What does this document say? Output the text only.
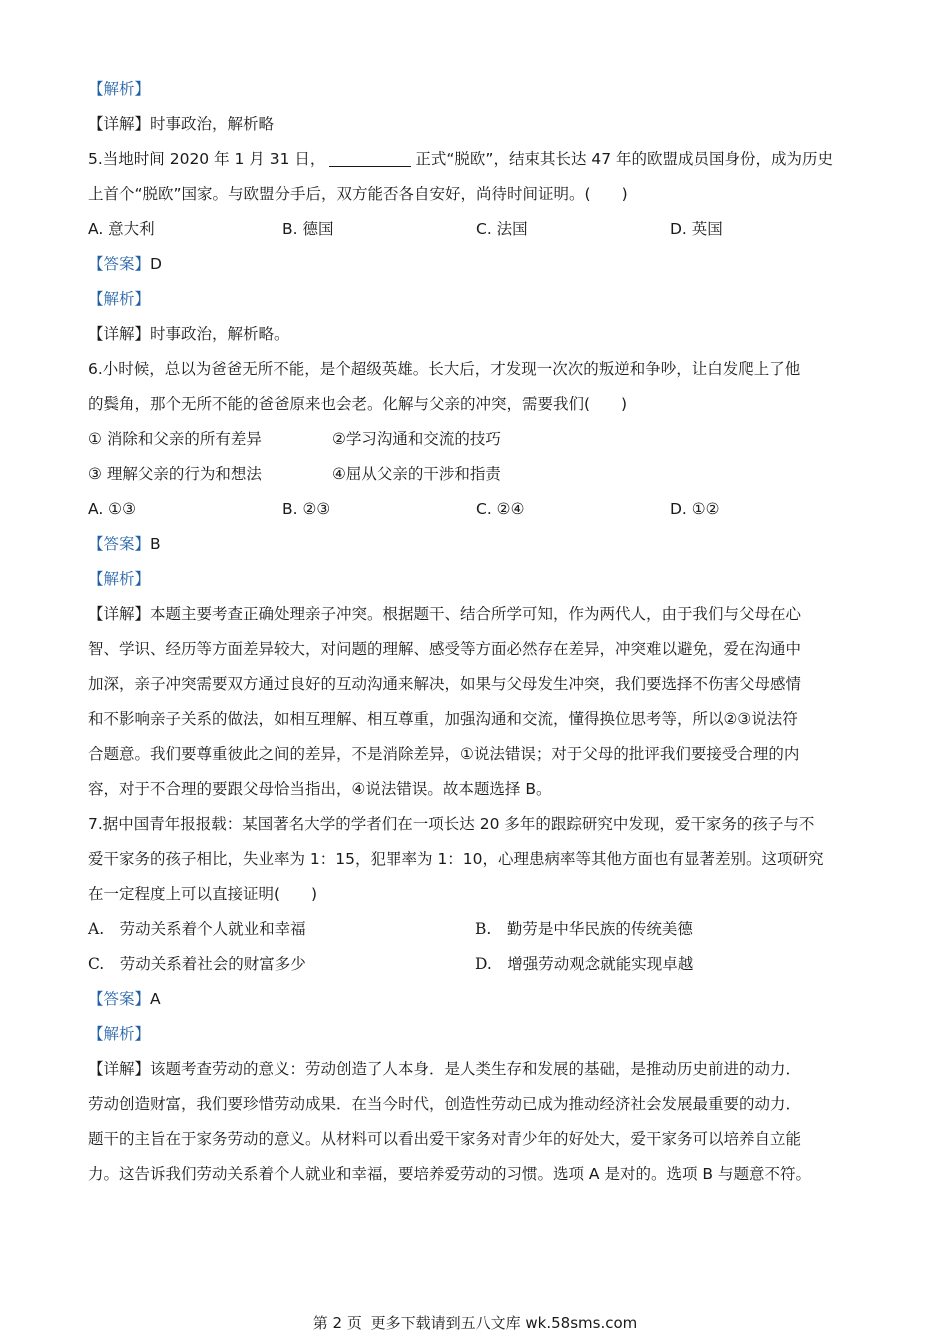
【解析】
【详解】时事政治，解析略
5.当地时间 2020 年 1 月 31 日，	正式“脱欧”，结束其长达 47 年的欧盟成员国身份，成为历史
上首个“脱欧”国家。与欧盟分手后，双方能否各自安好，尚待时间证明。(　　)
A. 意大利	B. 德国	C. 法国	D. 英国
【答案】D
【解析】
【详解】时事政治，解析略。
6.小时候，总以为爸爸无所不能，是个超级英雄。长大后，才发现一次次的叛逆和争吵，让白发爬上了他
的鬓角，那个无所不能的爸爸原来也会老。化解与父亲的冲突，需要我们(　　)
① 消除和父亲的所有差异	②学习沟通和交流的技巧
③ 理解父亲的行为和想法	④屈从父亲的干涉和指责
A. ①③	B. ②③	C. ②④	D. ①②
【答案】B
【解析】
【详解】本题主要考查正确处理亲子冲突。根据题干、结合所学可知，作为两代人，由于我们与父母在心
智、学识、经历等方面差异较大，对问题的理解、感受等方面必然存在差异，冲突难以避免，爱在沟通中
加深，亲子冲突需要双方通过良好的互动沟通来解决，如果与父母发生冲突，我们要选择不伤害父母感情
和不影响亲子关系的做法，如相互理解、相互尊重，加强沟通和交流，懂得换位思考等，所以②③说法符
合题意。我们要尊重彼此之间的差异，不是消除差异，①说法错误；对于父母的批评我们要接受合理的内
容，对于不合理的要跟父母恰当指出，④说法错误。故本题选择 B。
7.据中国青年报报载：某国著名大学的学者们在一项长达 20 多年的跟踪研究中发现，爱干家务的孩子与不
爱干家务的孩子相比，失业率为 1：15，犯罪率为 1：10，心理患病率等其他方面也有显著差别。这项研究
在一定程度上可以直接证明(　　)
A.　劳动关系着个人就业和幸福	B.　勤劳是中华民族的传统美德
C.　劳动关系着社会的财富多少	D.　增强劳动观念就能实现卓越
【答案】A
【解析】
【详解】该题考查劳动的意义：劳动创造了人本身．是人类生存和发展的基础，是推动历史前进的动力．
劳动创造财富，我们要珍惜劳动成果．在当今时代，创造性劳动已成为推动经济社会发展最重要的动力．
题干的主旨在于家务劳动的意义。从材料可以看出爱干家务对青少年的好处大，爱干家务可以培养自立能
力。这告诉我们劳动关系着个人就业和幸福，要培养爱劳动的习惯。选项 A 是对的。选项 B 与题意不符。
第 2 页 更多下载请到五八文库 wk.58sms.com
